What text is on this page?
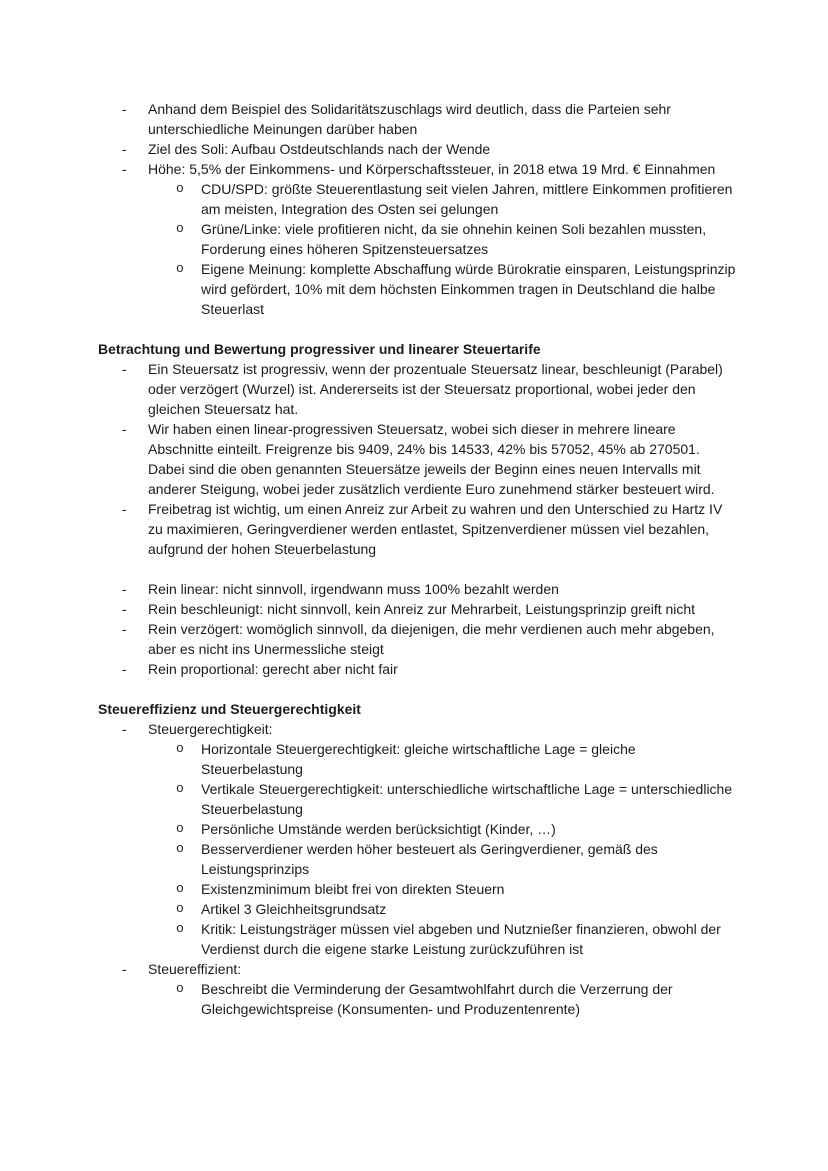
-	Anhand dem Beispiel des Solidaritätszuschlags wird deutlich, dass die Parteien sehr unterschiedliche Meinungen darüber haben
-	Ziel des Soli: Aufbau Ostdeutschlands nach der Wende
-	Höhe: 5,5% der Einkommens- und Körperschaftssteuer, in 2018 etwa 19 Mrd. € Einnahmen
o	CDU/SPD: größte Steuerentlastung seit vielen Jahren, mittlere Einkommen profitieren am meisten, Integration des Osten sei gelungen
o	Grüne/Linke: viele profitieren nicht, da sie ohnehin keinen Soli bezahlen mussten, Forderung eines höheren Spitzensteuersatzes
o	Eigene Meinung: komplette Abschaffung würde Bürokratie einsparen, Leistungsprinzip wird gefördert, 10% mit dem höchsten Einkommen tragen in Deutschland die halbe Steuerlast
Betrachtung und Bewertung progressiver und linearer Steuertarife
-	Ein Steuersatz ist progressiv, wenn der prozentuale Steuersatz linear, beschleunigt (Parabel) oder verzögert (Wurzel) ist. Andererseits ist der Steuersatz proportional, wobei jeder den gleichen Steuersatz hat.
-	Wir haben einen linear-progressiven Steuersatz, wobei sich dieser in mehrere lineare Abschnitte einteilt. Freigrenze bis 9409, 24% bis 14533, 42% bis 57052, 45% ab 270501. Dabei sind die oben genannten Steuersätze jeweils der Beginn eines neuen Intervalls mit anderer Steigung, wobei jeder zusätzlich verdiente Euro zunehmend stärker besteuert wird.
-	Freibetrag ist wichtig, um einen Anreiz zur Arbeit zu wahren und den Unterschied zu Hartz IV zu maximieren, Geringverdiener werden entlastet, Spitzenverdiener müssen viel bezahlen, aufgrund der hohen Steuerbelastung
-	Rein linear: nicht sinnvoll, irgendwann muss 100% bezahlt werden
-	Rein beschleunigt: nicht sinnvoll, kein Anreiz zur Mehrarbeit, Leistungsprinzip greift nicht
-	Rein verzögert: womöglich sinnvoll, da diejenigen, die mehr verdienen auch mehr abgeben, aber es nicht ins Unermessliche steigt
-	Rein proportional: gerecht aber nicht fair
Steuereffizienz und Steuergerechtigkeit
-	Steuergerechtigkeit:
o	Horizontale Steuergerechtigkeit: gleiche wirtschaftliche Lage = gleiche Steuerbelastung
o	Vertikale Steuergerechtigkeit: unterschiedliche wirtschaftliche Lage = unterschiedliche Steuerbelastung
o	Persönliche Umstände werden berücksichtigt (Kinder, …)
o	Besserverdiener werden höher besteuert als Geringverdiener, gemäß des Leistungsprinzips
o	Existenzminimum bleibt frei von direkten Steuern
o	Artikel 3 Gleichheitsgrundsatz
o	Kritik: Leistungsträger müssen viel abgeben und Nutznießer finanzieren, obwohl der Verdienst durch die eigene starke Leistung zurückzuführen ist
-	Steuereffizient:
o	Beschreibt die Verminderung der Gesamtwohlfahrt durch die Verzerrung der Gleichgewichtspreise (Konsumenten- und Produzentenrente)
